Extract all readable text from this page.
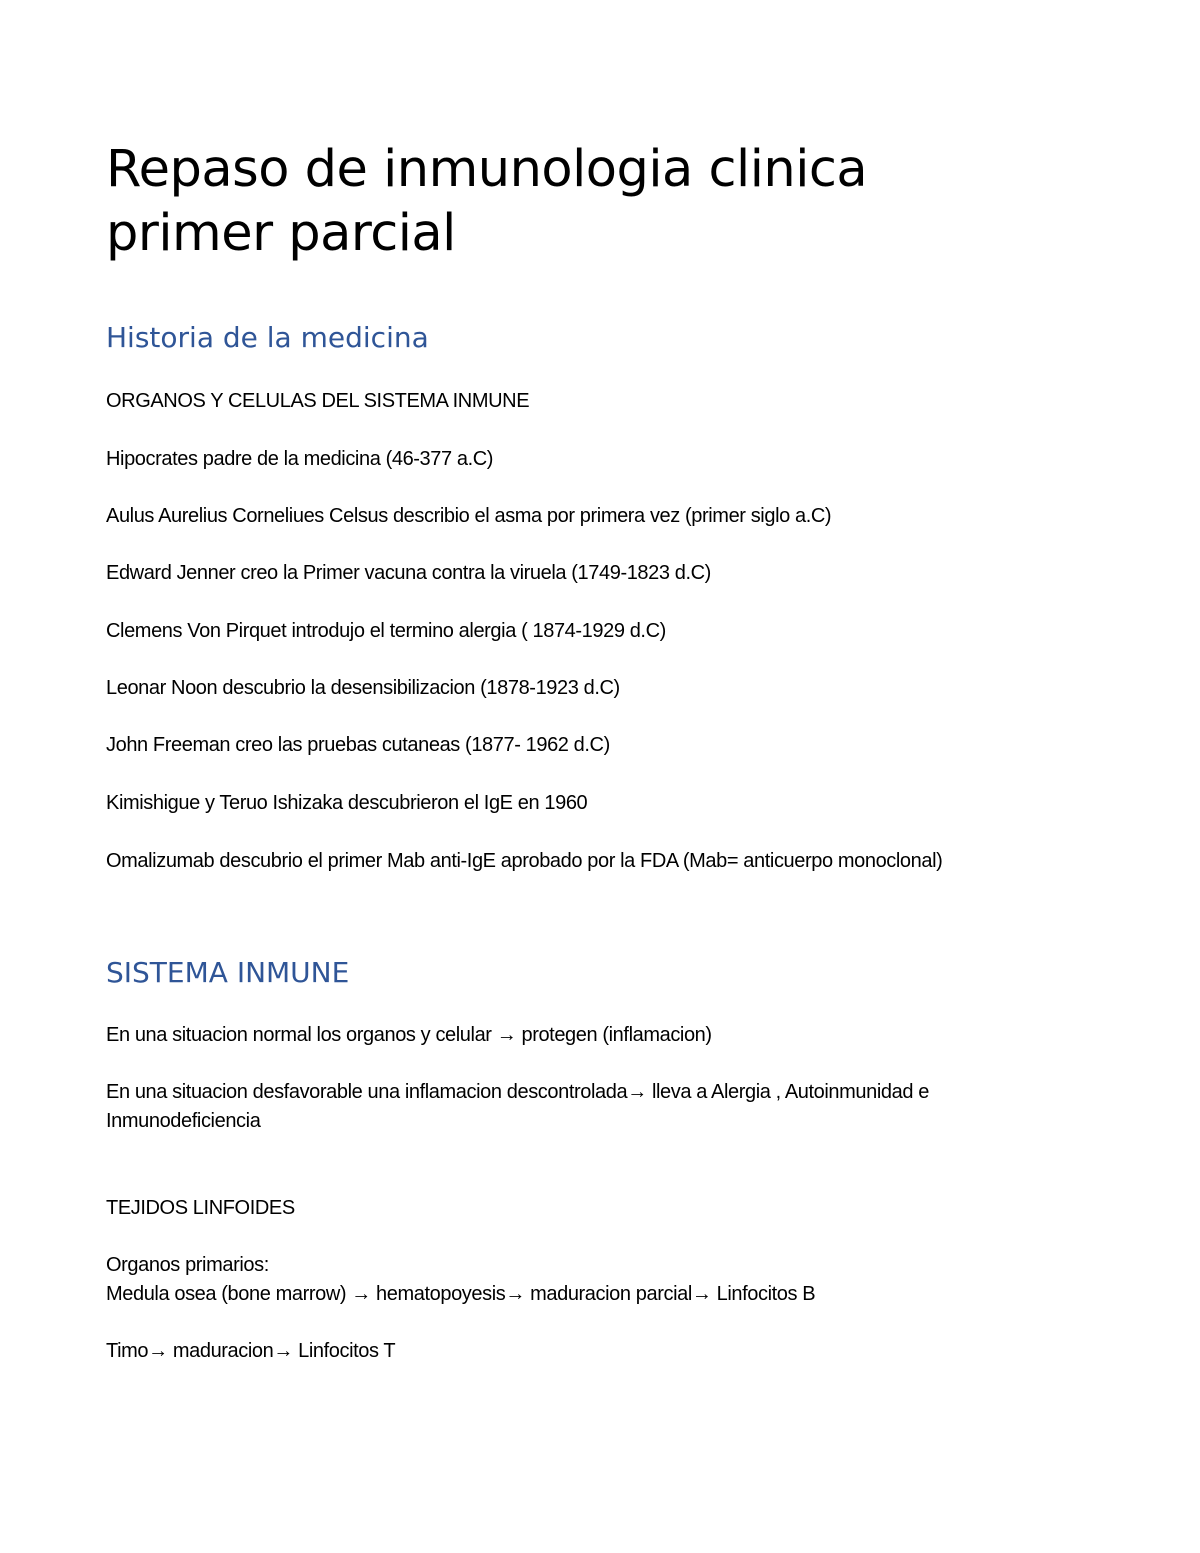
Repaso de inmunologia clinica
primer parcial
Historia de la medicina

ORGANOS Y CELULAS DEL SISTEMA INMUNE

Hipocrates padre de la medicina (46-377 a.C)

Aulus Aurelius Corneliues Celsus describio el asma por primera vez (primer siglo a.C)

Edward Jenner creo la Primer vacuna contra la viruela (1749-1823 d.C)

Clemens Von Pirquet introdujo el termino alergia ( 1874-1929 d.C)

Leonar Noon descubrio la desensibilizacion (1878-1923 d.C)

John Freeman creo las pruebas cutaneas (1877- 1962 d.C)

Kimishigue y Teruo Ishizaka descubrieron el IgE en 1960

Omalizumab descubrio el primer Mab anti-IgE aprobado por la FDA (Mab= anticuerpo monoclonal)

SISTEMA INMUNE

En una situacion normal los organos y celular → protegen (inflamacion)

En una situacion desfavorable una inflamacion descontrolada→ lleva a Alergia , Autoinmunidad e Inmunodeficiencia

TEJIDOS LINFOIDES

Organos primarios:

Medula osea (bone marrow) → hematopoyesis→ maduracion parcial→ Linfocitos B

Timo→ maduracion→ Linfocitos T
